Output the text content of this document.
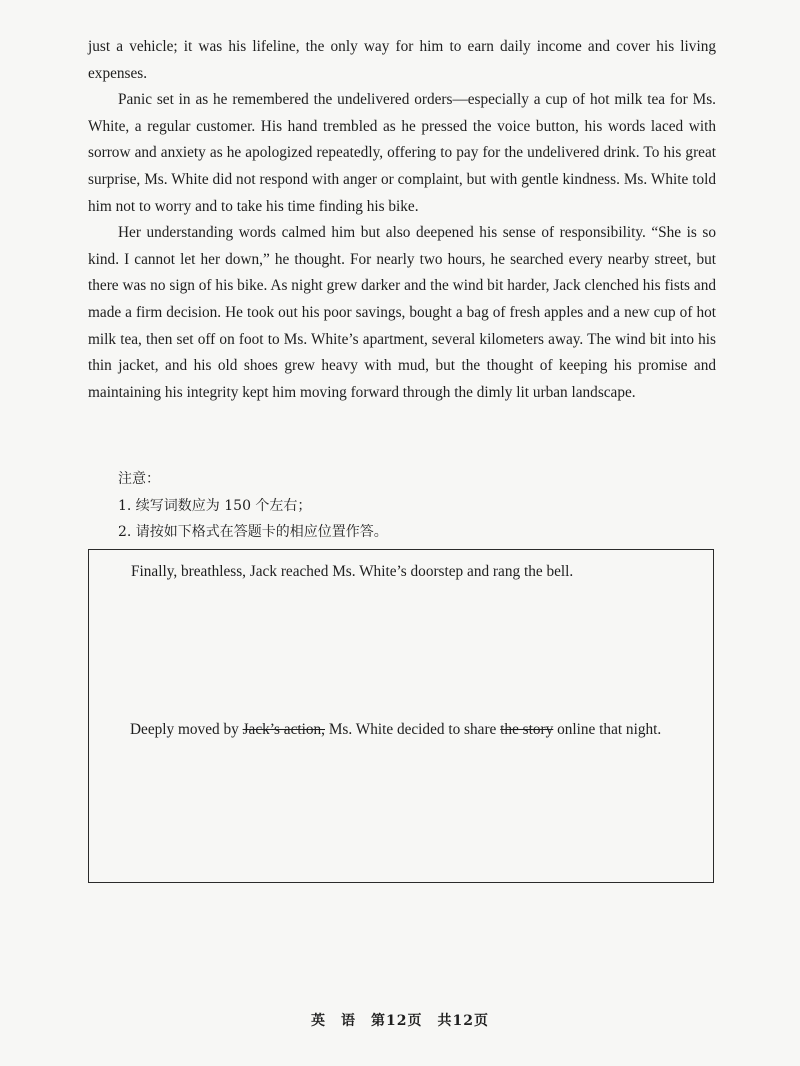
just a vehicle; it was his lifeline, the only way for him to earn daily income and cover his living expenses.

Panic set in as he remembered the undelivered orders—especially a cup of hot milk tea for Ms. White, a regular customer. His hand trembled as he pressed the voice button, his words laced with sorrow and anxiety as he apologized repeatedly, offering to pay for the undelivered drink. To his great surprise, Ms. White did not respond with anger or complaint, but with gentle kindness. Ms. White told him not to worry and to take his time finding his bike.

Her understanding words calmed him but also deepened his sense of responsibility. “She is so kind. I cannot let her down,” he thought. For nearly two hours, he searched every nearby street, but there was no sign of his bike. As night grew darker and the wind bit harder, Jack clenched his fists and made a firm decision. He took out his poor savings, bought a bag of fresh apples and a new cup of hot milk tea, then set off on foot to Ms. White’s apartment, several kilometers away. The wind bit into his thin jacket, and his old shoes grew heavy with mud, but the thought of keeping his promise and maintaining his integrity kept him moving forward through the dimly lit urban landscape.

注意：
1. 续写词数应为 150 个左右；
2. 请按如下格式在答题卡的相应位置作答。
Finally, breathless, Jack reached Ms. White’s doorstep and rang the bell.
Deeply moved by Jack’s action, Ms. White decided to share the story online that night.
英　语　第12页　共12页
